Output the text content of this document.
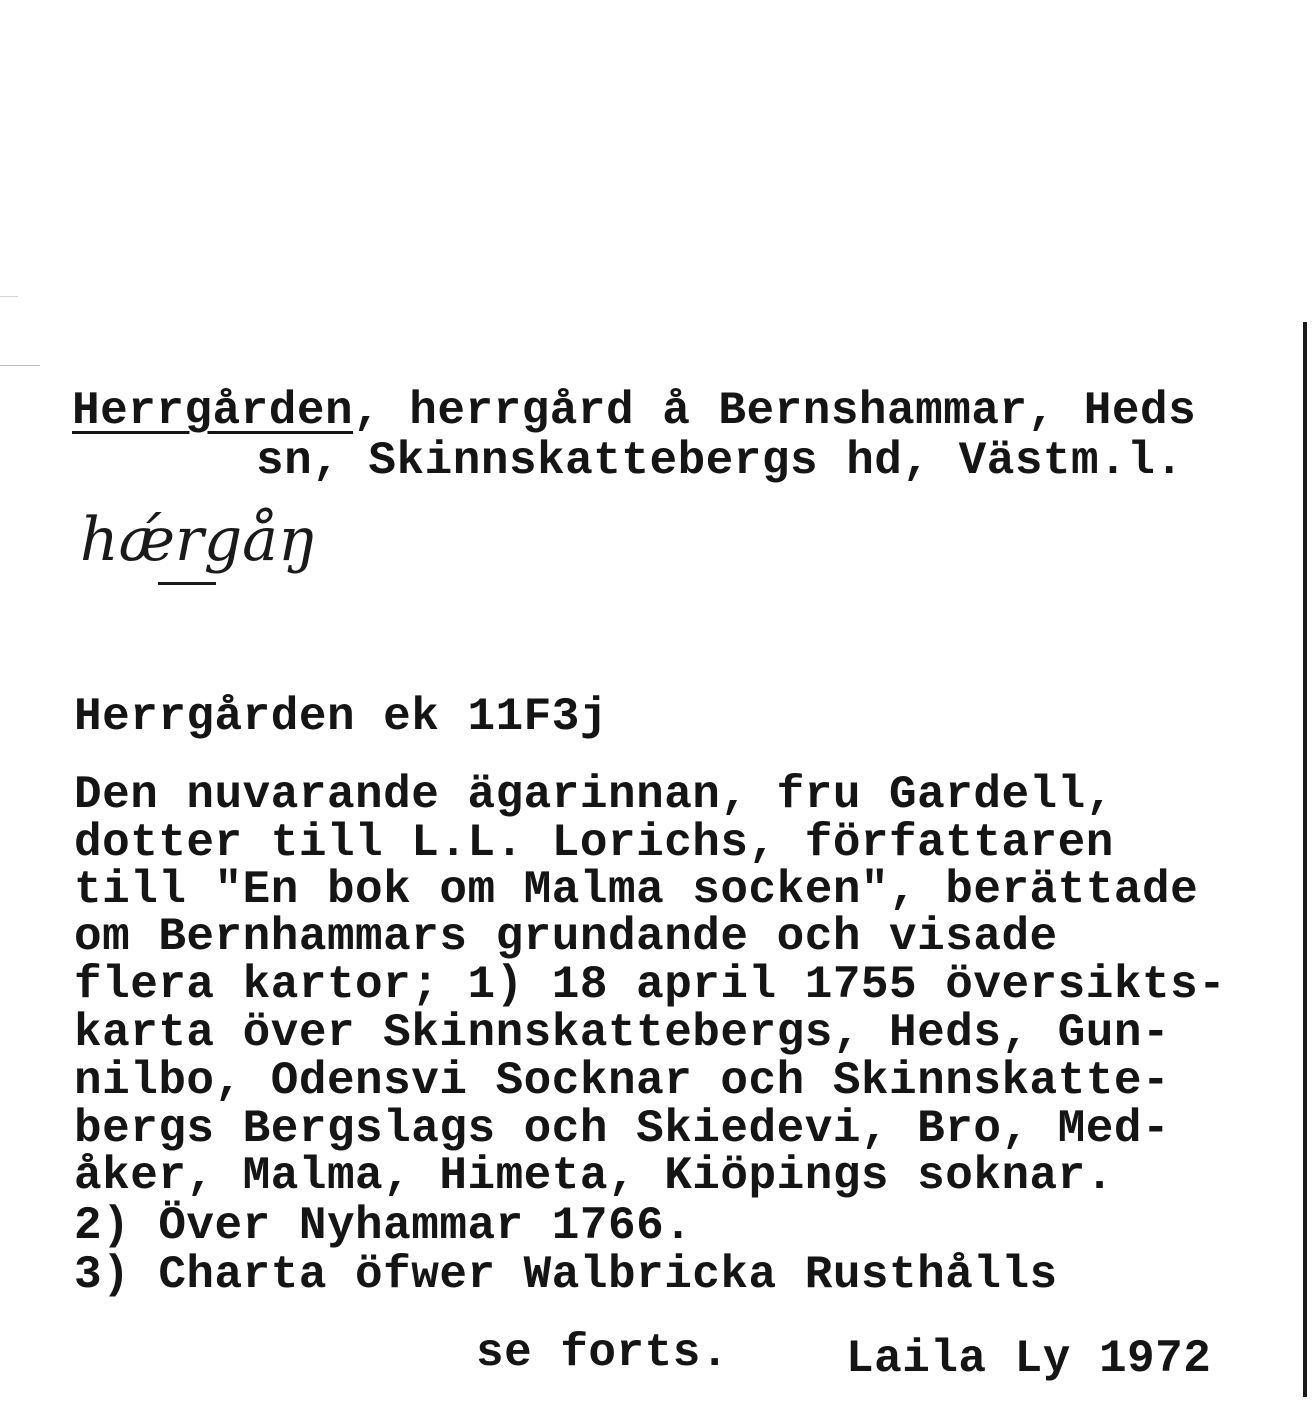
Herrgården, herrgård å Bernshammar, Heds
sn, Skinnskattebergs hd, Västm.l.
hǽrgåŋ
Herrgården ek 11F3j
Den nuvarande ägarinnan, fru Gardell,
dotter till L.L. Lorichs, författaren
till "En bok om Malma socken", berättade
om Bernhammars grundande och visade
flera kartor; 1) 18 april 1755 översikts-
karta över Skinnskattebergs, Heds, Gun-
nilbo, Odensvi Socknar och Skinnskatte-
bergs Bergslags och Skiedevi, Bro, Med-
åker, Malma, Himeta, Kiöpings soknar.
2) Över Nyhammar 1766.
3) Charta öfwer Walbricka Rusthålls
se forts.	Laila Ly 1972
